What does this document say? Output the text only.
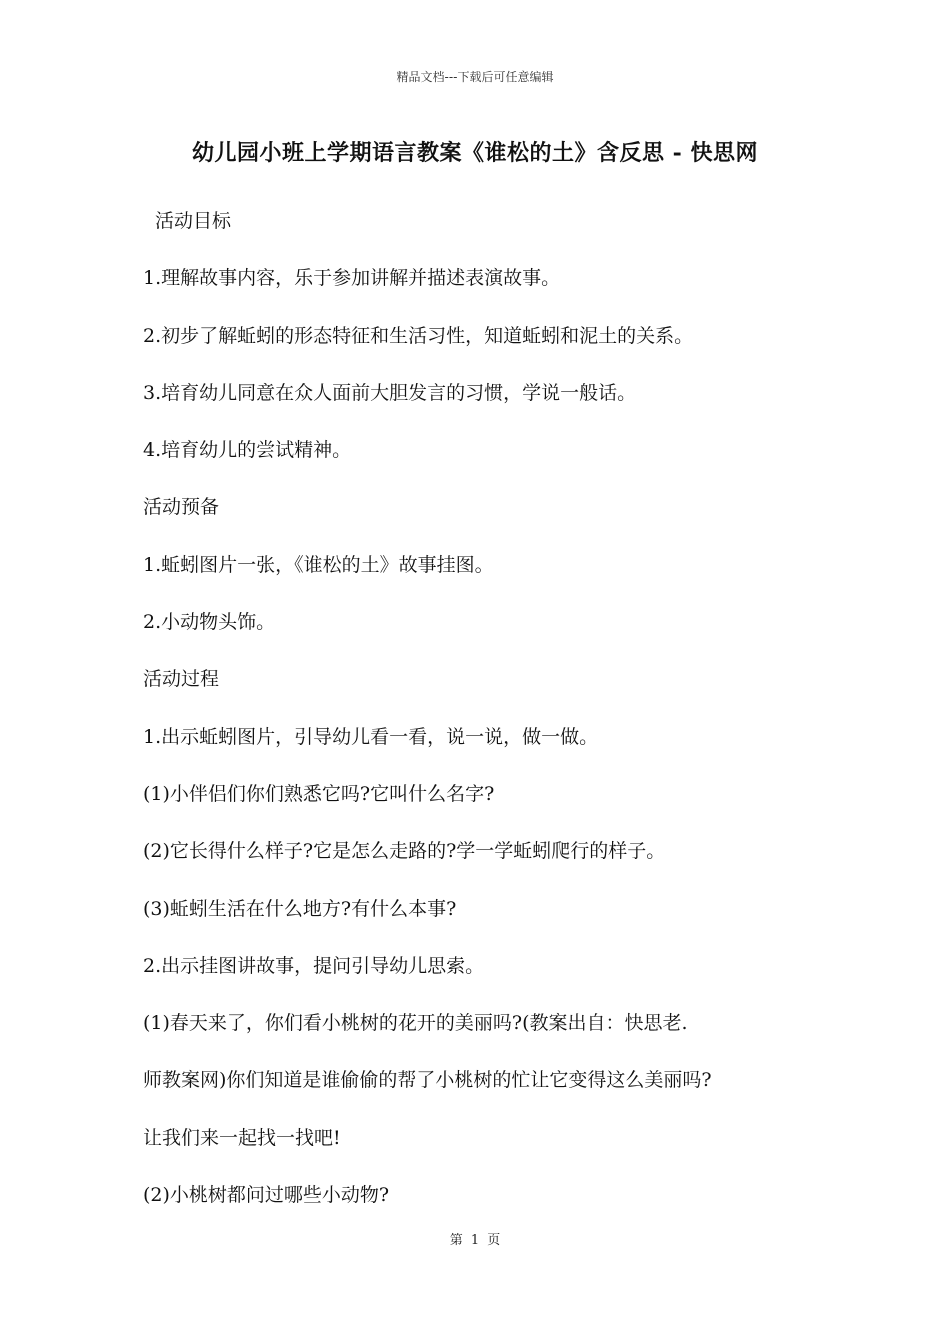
精品文档---下载后可任意编辑
幼儿园小班上学期语言教案《谁松的土》含反思 - 快思网
活动目标
1.理解故事内容，乐于参加讲解并描述表演故事。
2.初步了解蚯蚓的形态特征和生活习性，知道蚯蚓和泥土的关系。
3.培育幼儿同意在众人面前大胆发言的习惯，学说一般话。
4.培育幼儿的尝试精神。
活动预备
1.蚯蚓图片一张，《谁松的土》故事挂图。
2.小动物头饰。
活动过程
1.出示蚯蚓图片，引导幼儿看一看，说一说，做一做。
(1)小伴侣们你们熟悉它吗?它叫什么名字?
(2)它长得什么样子?它是怎么走路的?学一学蚯蚓爬行的样子。
(3)蚯蚓生活在什么地方?有什么本事?
2.出示挂图讲故事，提问引导幼儿思索。
(1)春天来了，你们看小桃树的花开的美丽吗?(教案出自：快思老.
师教案网)你们知道是谁偷偷的帮了小桃树的忙让它变得这么美丽吗?
让我们来一起找一找吧!
(2)小桃树都问过哪些小动物?
第 1 页
